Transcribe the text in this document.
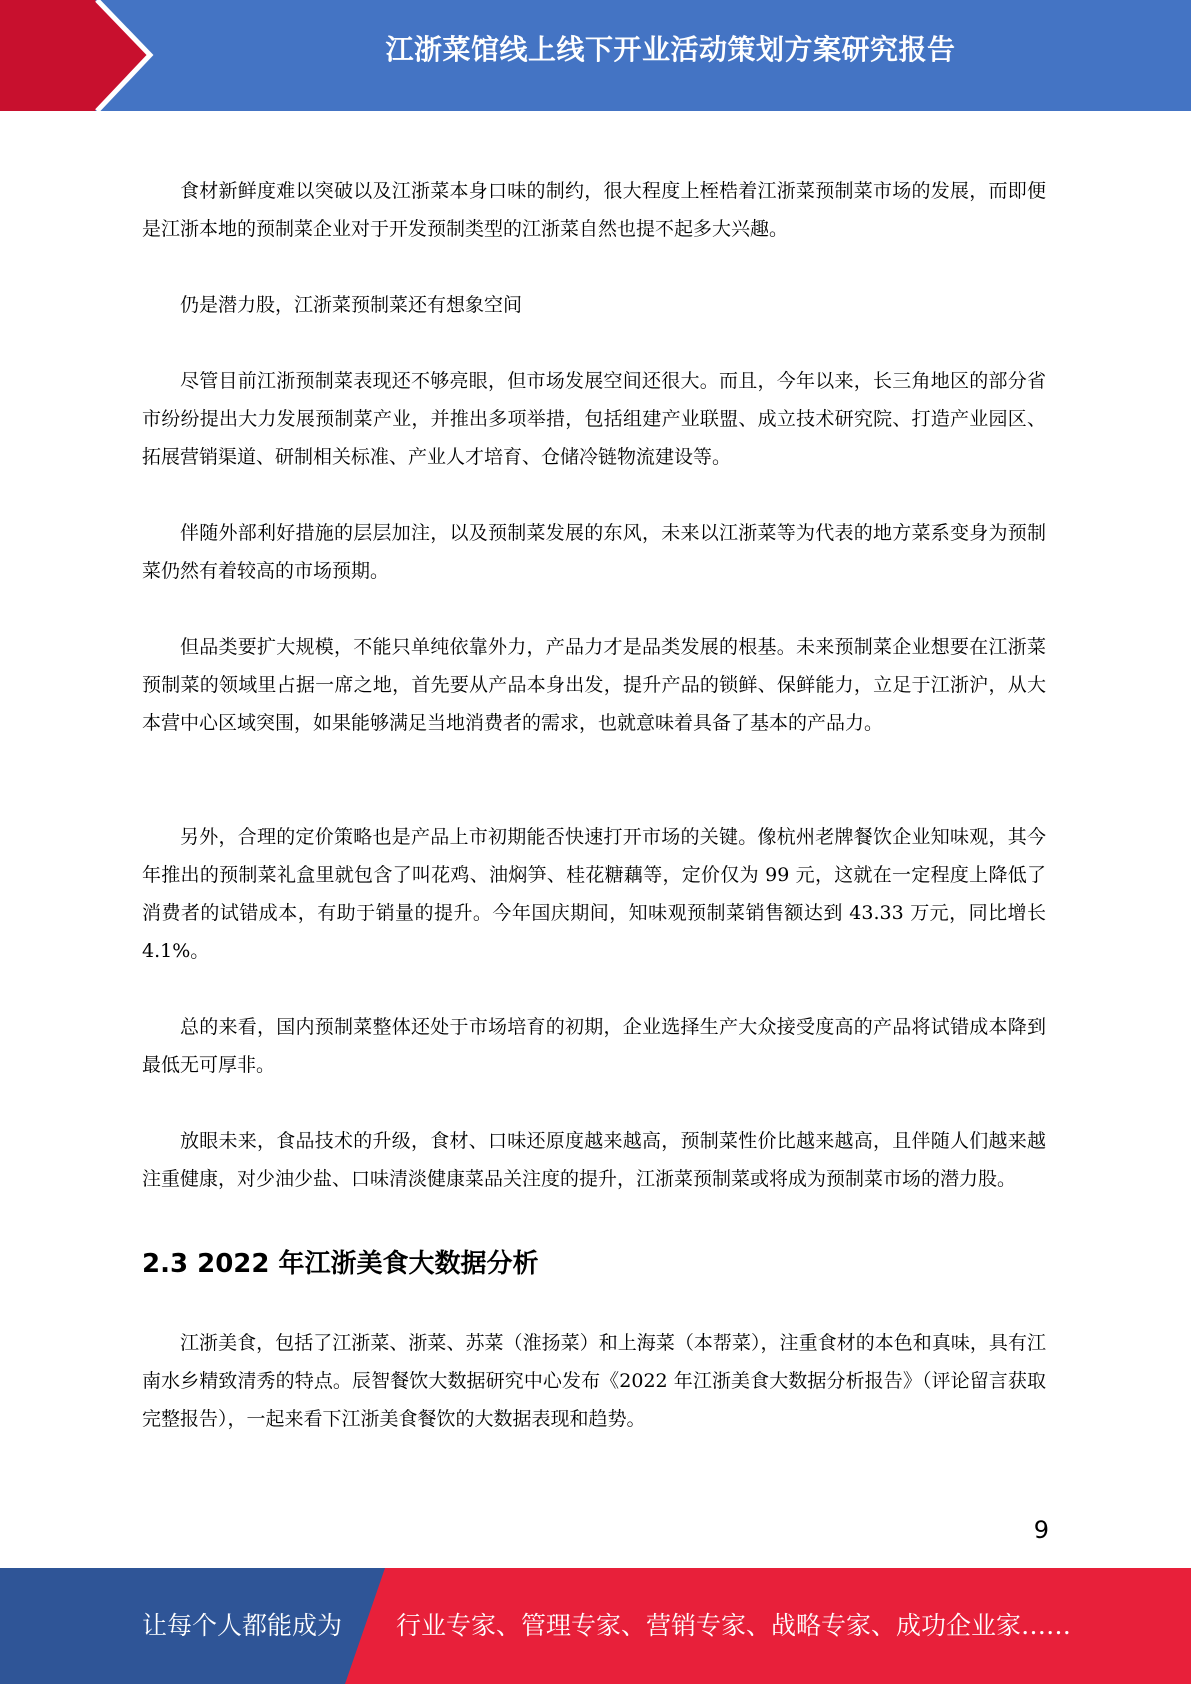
江浙菜馆线上线下开业活动策划方案研究报告

食材新鲜度难以突破以及江浙菜本身口味的制约，很大程度上桎梏着江浙菜预制菜市场的发展，而即便是江浙本地的预制菜企业对于开发预制类型的江浙菜自然也提不起多大兴趣。

仍是潜力股，江浙菜预制菜还有想象空间

尽管目前江浙预制菜表现还不够亮眼，但市场发展空间还很大。而且，今年以来，长三角地区的部分省市纷纷提出大力发展预制菜产业，并推出多项举措，包括组建产业联盟、成立技术研究院、打造产业园区、拓展营销渠道、研制相关标准、产业人才培育、仓储冷链物流建设等。

伴随外部利好措施的层层加注，以及预制菜发展的东风，未来以江浙菜等为代表的地方菜系变身为预制菜仍然有着较高的市场预期。

但品类要扩大规模，不能只单纯依靠外力，产品力才是品类发展的根基。未来预制菜企业想要在江浙菜预制菜的领域里占据一席之地，首先要从产品本身出发，提升产品的锁鲜、保鲜能力，立足于江浙沪，从大本营中心区域突围，如果能够满足当地消费者的需求，也就意味着具备了基本的产品力。

另外，合理的定价策略也是产品上市初期能否快速打开市场的关键。像杭州老牌餐饮企业知味观，其今年推出的预制菜礼盒里就包含了叫花鸡、油焖笋、桂花糖藕等，定价仅为 99 元，这就在一定程度上降低了消费者的试错成本，有助于销量的提升。今年国庆期间，知味观预制菜销售额达到 43.33 万元，同比增长 4.1%。

总的来看，国内预制菜整体还处于市场培育的初期，企业选择生产大众接受度高的产品将试错成本降到最低无可厚非。

放眼未来，食品技术的升级，食材、口味还原度越来越高，预制菜性价比越来越高，且伴随人们越来越注重健康，对少油少盐、口味清淡健康菜品关注度的提升，江浙菜预制菜或将成为预制菜市场的潜力股。

2.3 2022 年江浙美食大数据分析

江浙美食，包括了江浙菜、浙菜、苏菜（淮扬菜）和上海菜（本帮菜），注重食材的本色和真味，具有江南水乡精致清秀的特点。辰智餐饮大数据研究中心发布《2022 年江浙美食大数据分析报告》（评论留言获取完整报告），一起来看下江浙美食餐饮的大数据表现和趋势。

9
让每个人都能成为 行业专家、管理专家、营销专家、战略专家、成功企业家……
